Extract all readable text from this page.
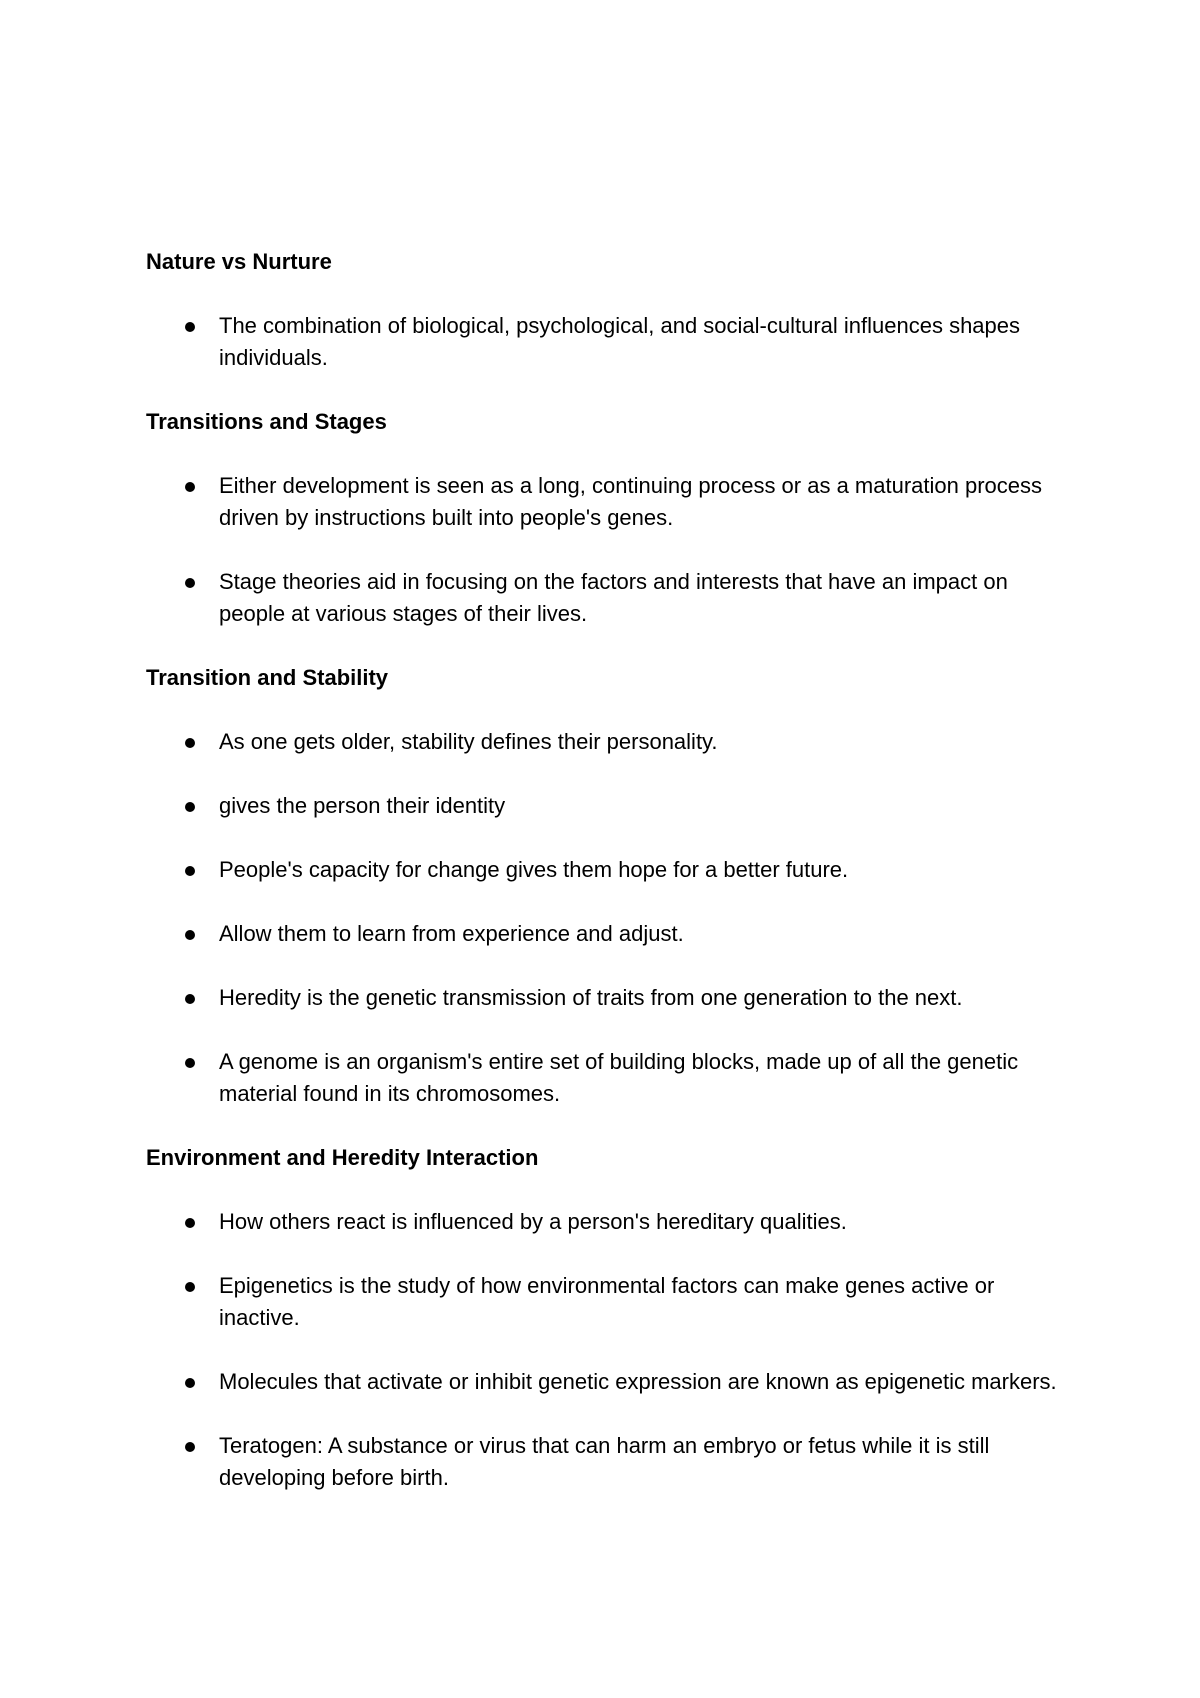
Nature vs Nurture
The combination of biological, psychological, and social-cultural influences shapes individuals.
Transitions and Stages
Either development is seen as a long, continuing process or as a maturation process driven by instructions built into people's genes.
Stage theories aid in focusing on the factors and interests that have an impact on people at various stages of their lives.
Transition and Stability
As one gets older, stability defines their personality.
gives the person their identity
People's capacity for change gives them hope for a better future.
Allow them to learn from experience and adjust.
Heredity is the genetic transmission of traits from one generation to the next.
A genome is an organism's entire set of building blocks, made up of all the genetic material found in its chromosomes.
Environment and Heredity Interaction
How others react is influenced by a person's hereditary qualities.
Epigenetics is the study of how environmental factors can make genes active or inactive.
Molecules that activate or inhibit genetic expression are known as epigenetic markers.
Teratogen: A substance or virus that can harm an embryo or fetus while it is still developing before birth.
